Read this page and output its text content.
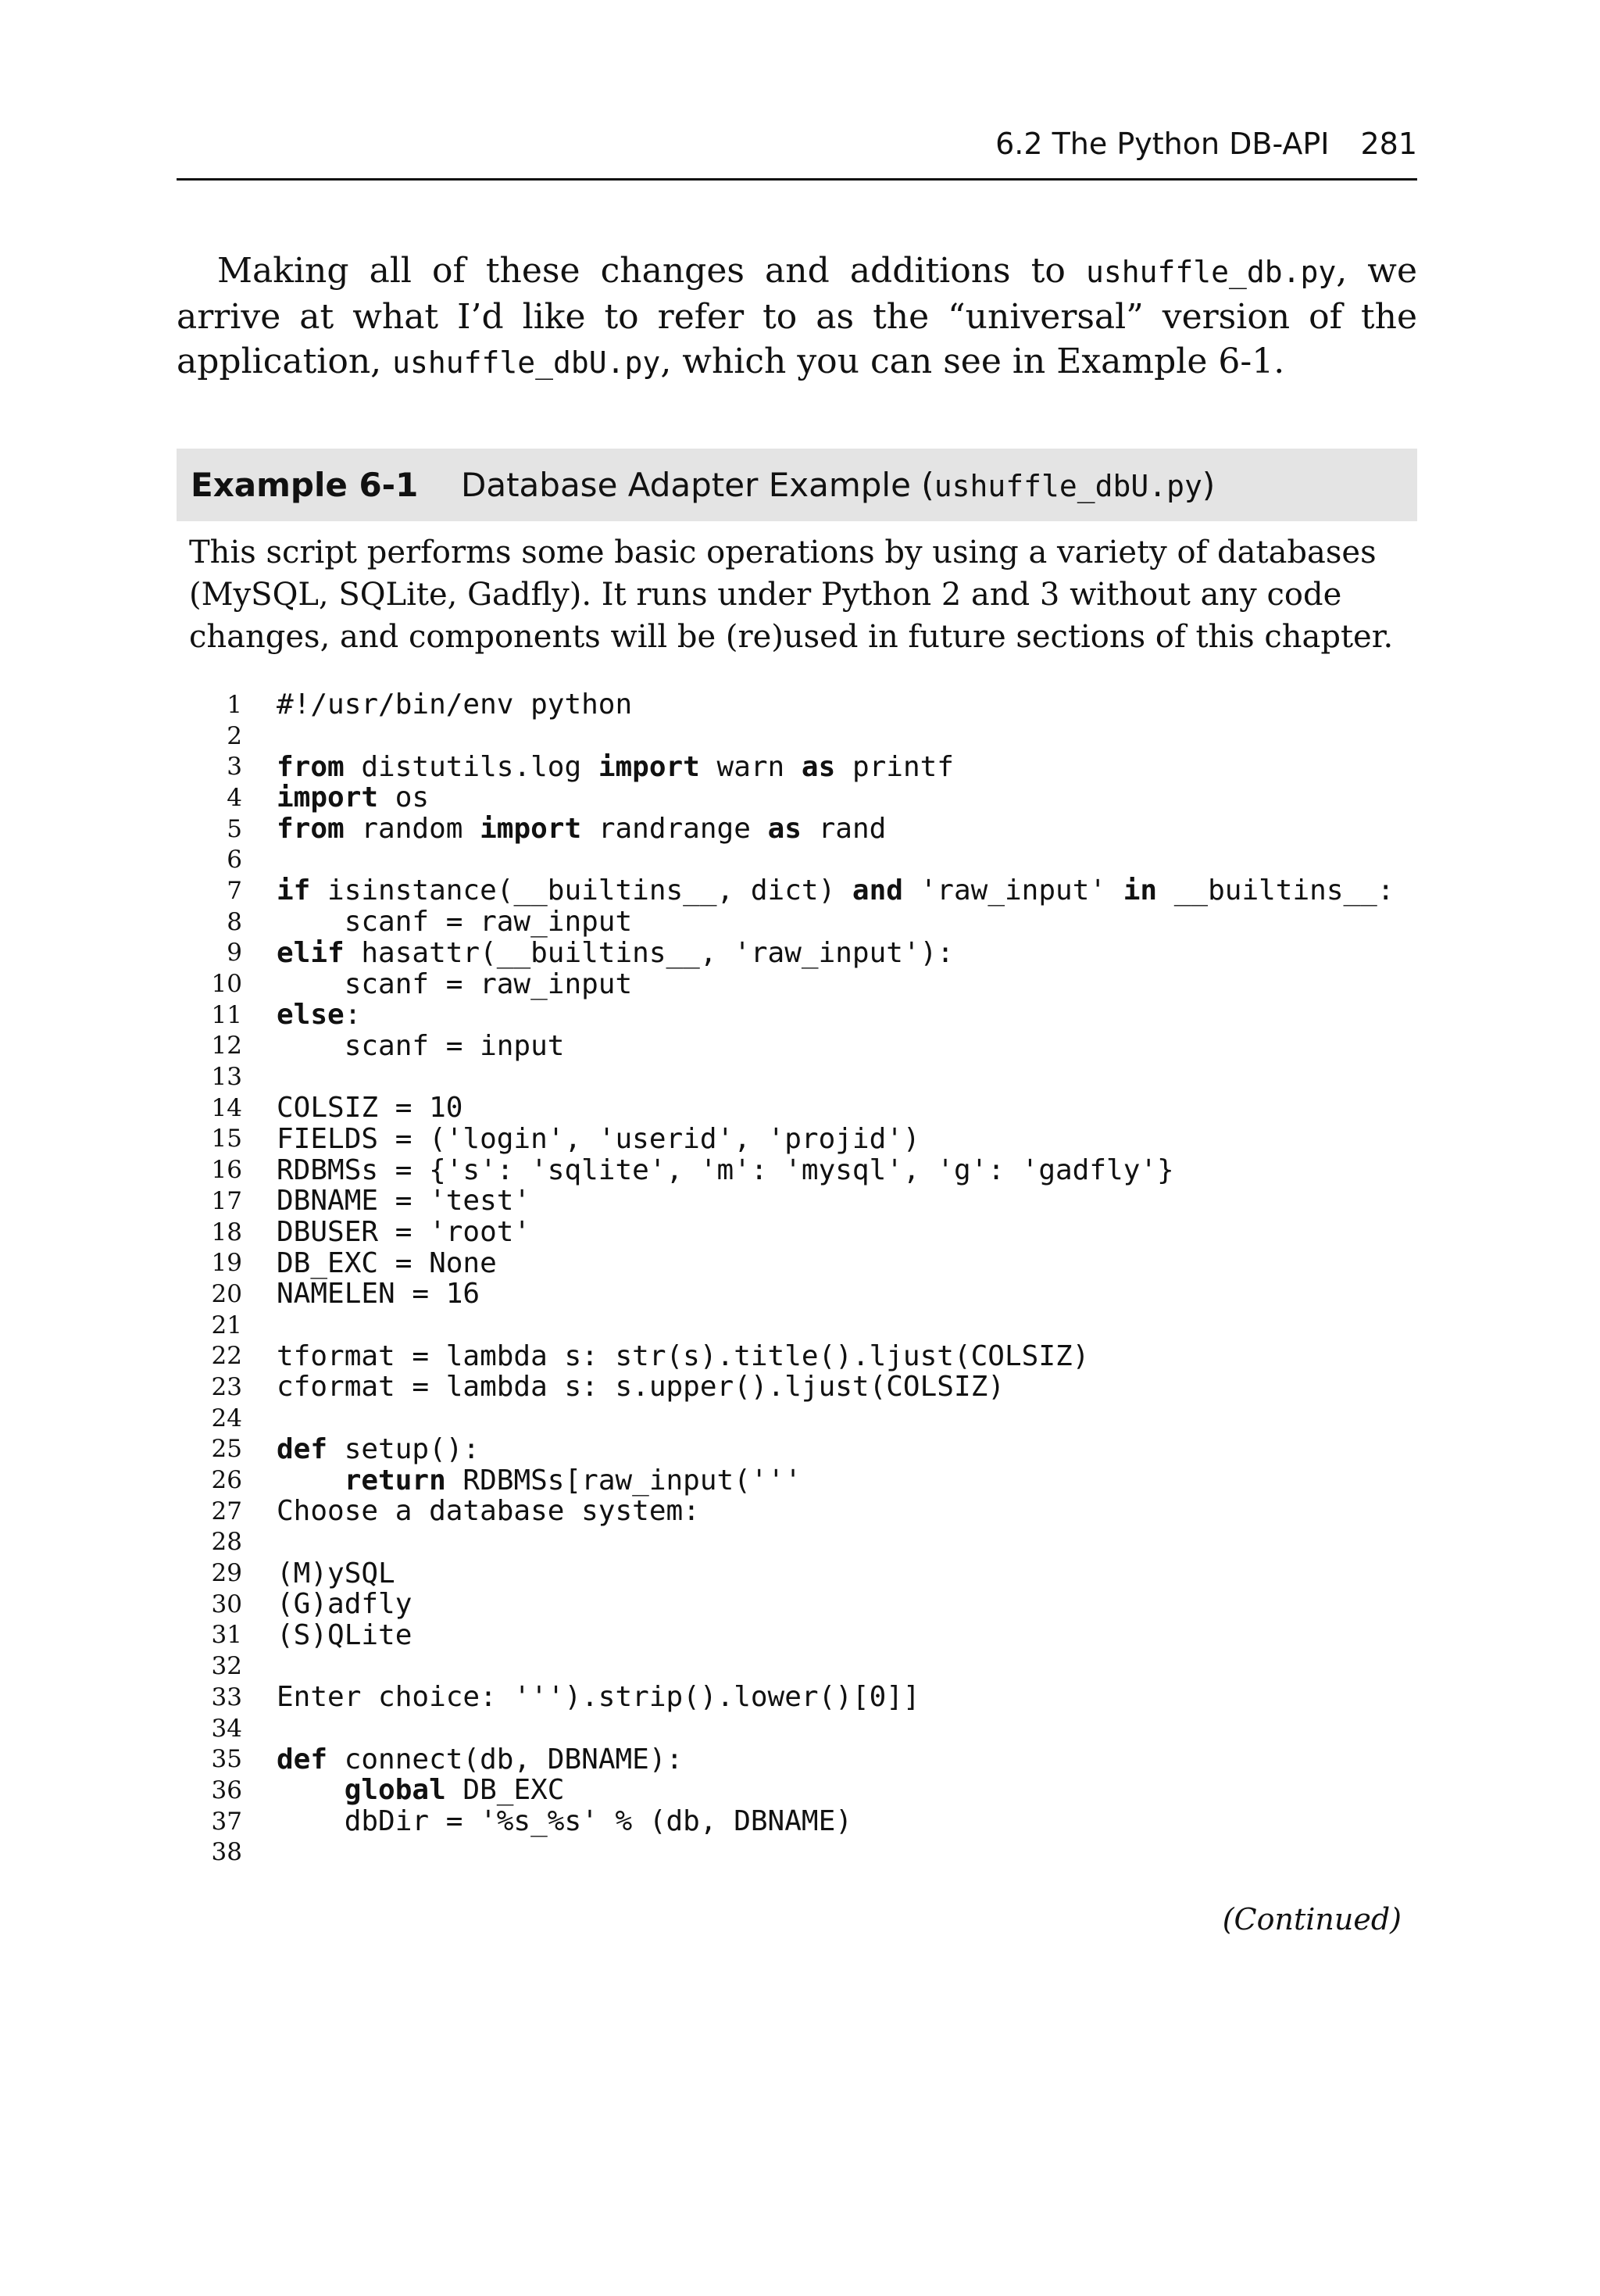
6.2 The Python DB-API 281

Making all of these changes and additions to ushuffle_db.py, we arrive at what I’d like to refer to as the “universal” version of the application, ushuffle_dbU.py, which you can see in Example 6-1.

Example 6-1	Database Adapter Example (ushuffle_dbU.py)

This script performs some basic operations by using a variety of databases (MySQL, SQLite, Gadfly). It runs under Python 2 and 3 without any code changes, and components will be (re)used in future sections of this chapter.

1 #!/usr/bin/env python
2
3 from distutils.log import warn as printf
4 import os
5 from random import randrange as rand
6
7 if isinstance(__builtins__, dict) and 'raw_input' in __builtins__:
8 scanf = raw_input
9 elif hasattr(__builtins__, 'raw_input'):
10 scanf = raw_input
11 else:
12 scanf = input
13
14 COLSIZ = 10
15 FIELDS = ('login', 'userid', 'projid')
16 RDBMSs = {'s': 'sqlite', 'm': 'mysql', 'g': 'gadfly'}
17 DBNAME = 'test'
18 DBUSER = 'root'
19 DB_EXC = None
20 NAMELEN = 16
21
22 tformat = lambda s: str(s).title().ljust(COLSIZ)
23 cformat = lambda s: s.upper().ljust(COLSIZ)
24
25 def setup():
26	return RDBMSs[raw_input('''
27 Choose a database system:
28
29 (M)ySQL
30 (G)adfly
31 (S)QLite
32
33 Enter choice: ''').strip().lower()[0]]
34
35 def connect(db, DBNAME):
36	global DB_EXC
37 dbDir = '%s_%s' % (db, DBNAME)
38
(Continued)
